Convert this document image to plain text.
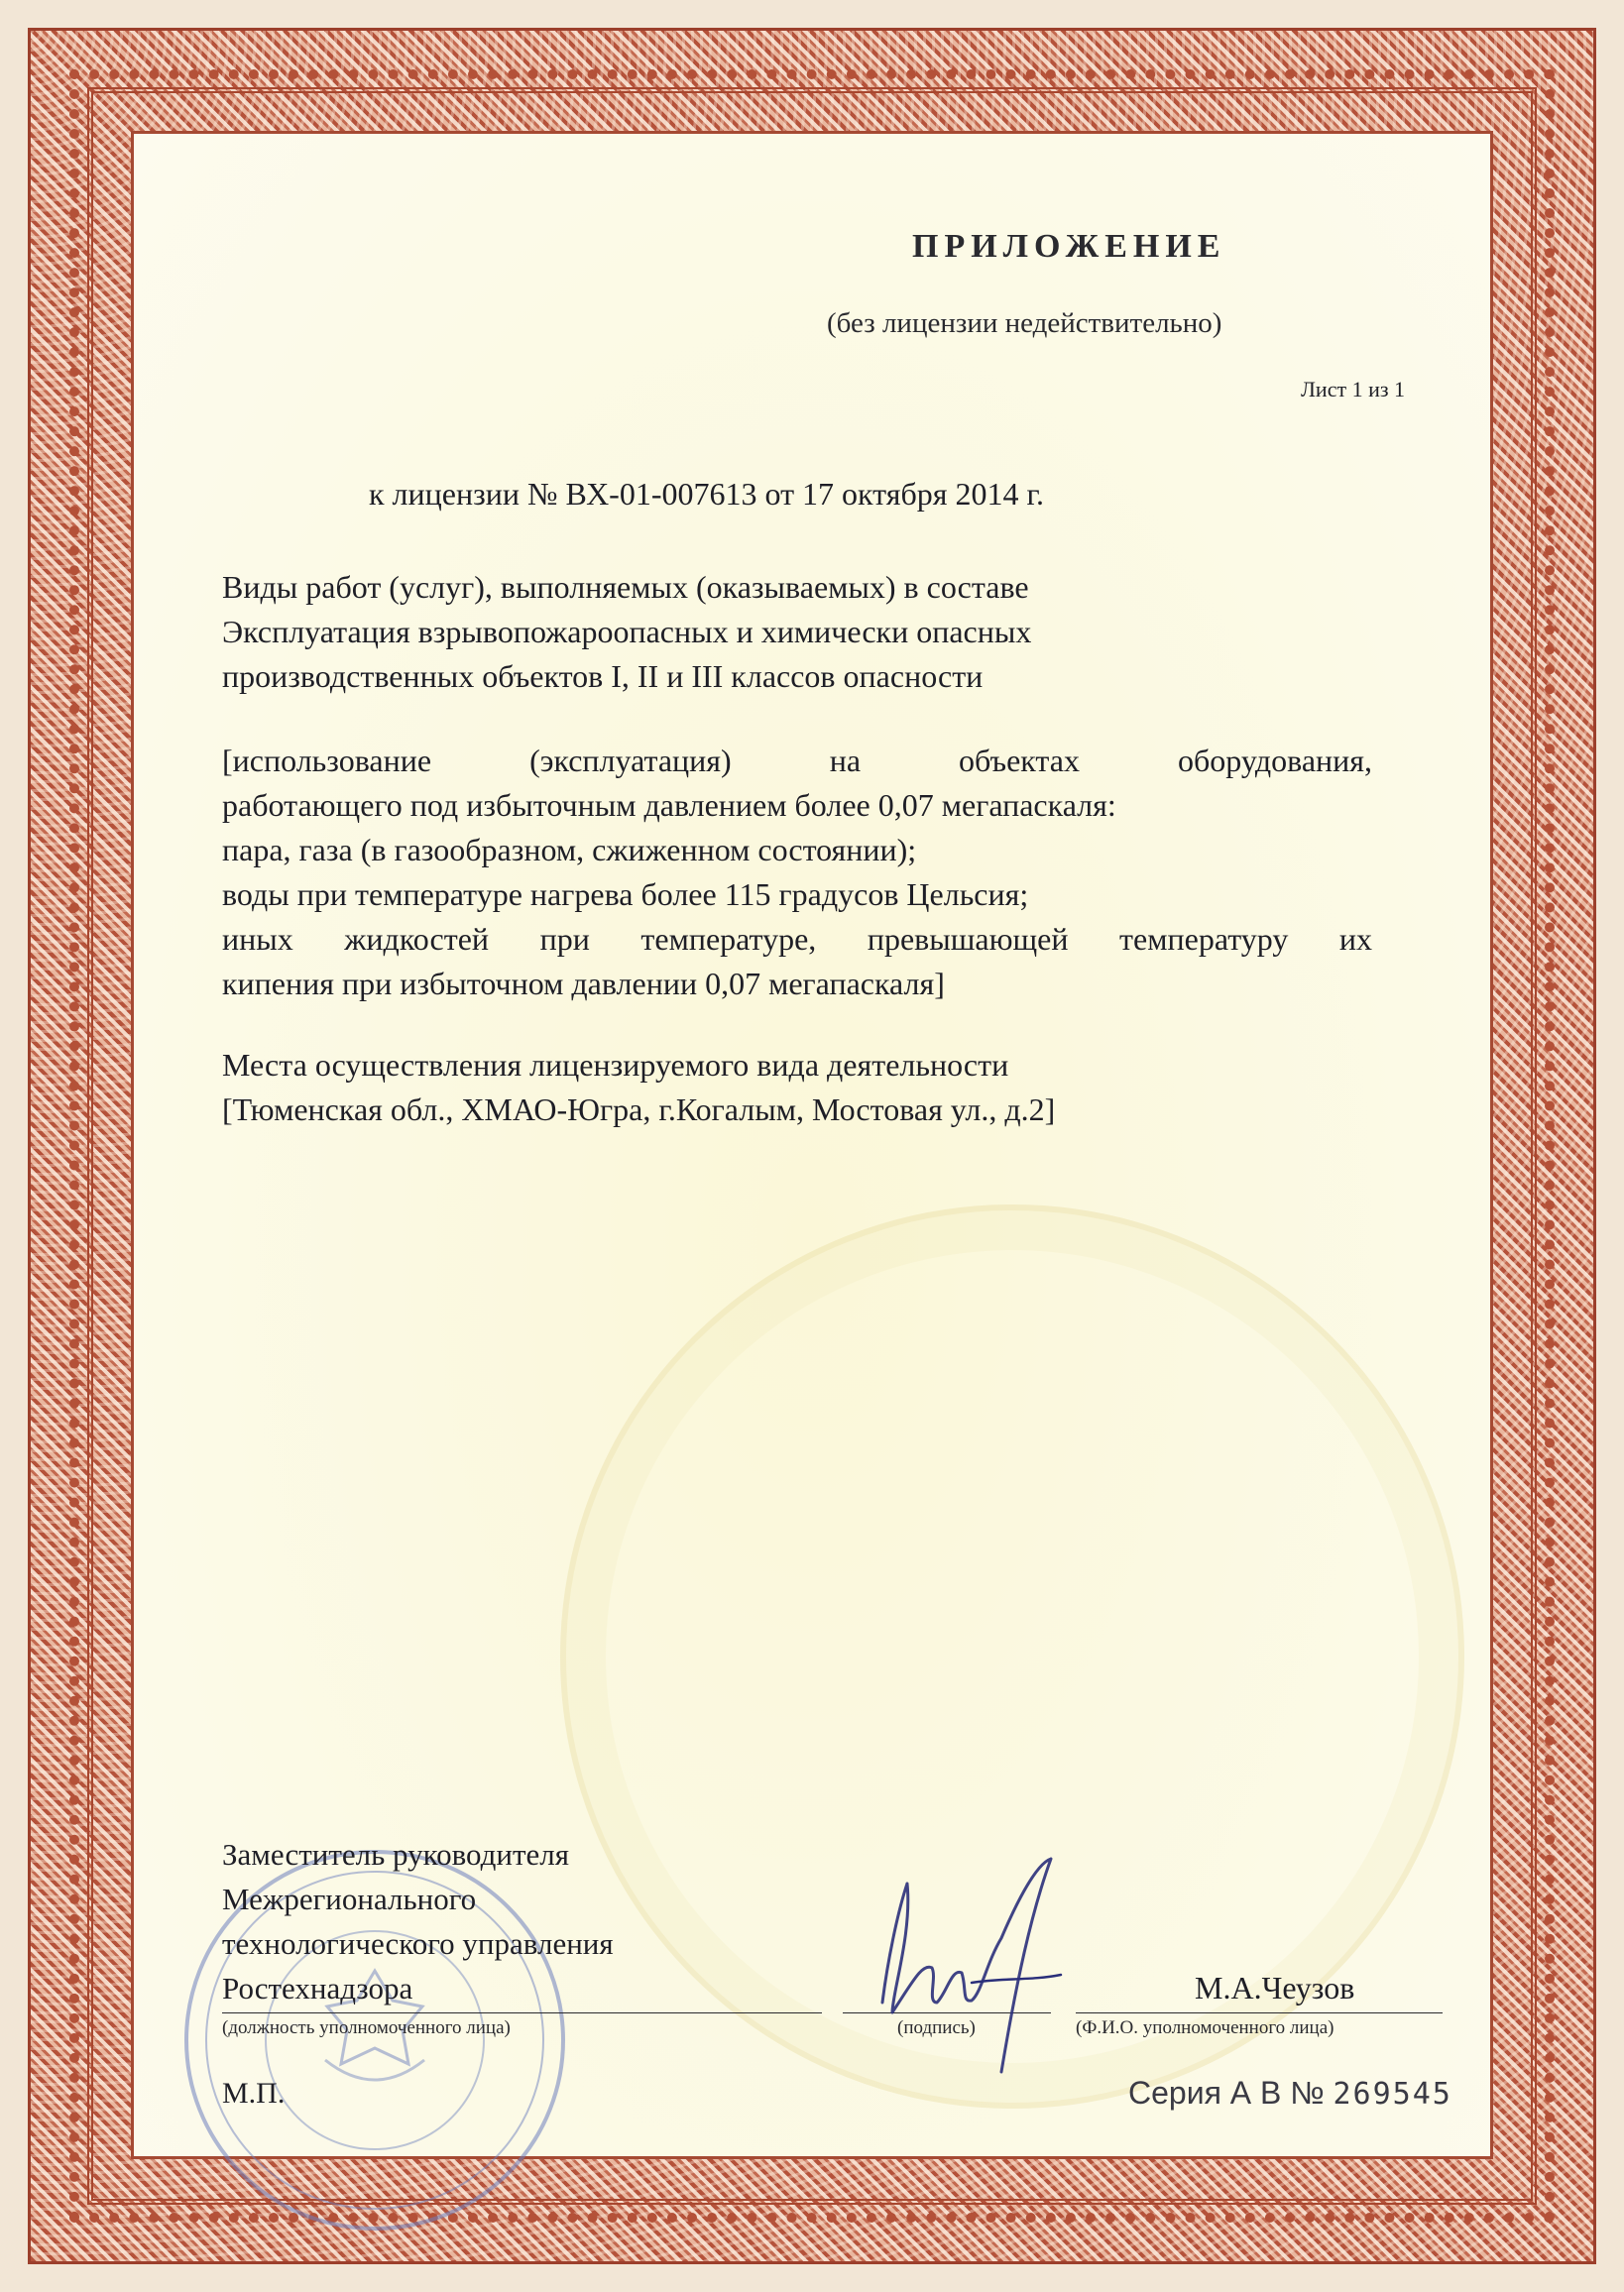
ПРИЛОЖЕНИЕ
(без лицензии недействительно)
Лист 1 из 1
к лицензии № ВХ-01-007613 от 17 октября 2014 г.
Виды работ (услуг), выполняемых (оказываемых) в составе
Эксплуатация взрывопожароопасных и химически опасных
производственных объектов I, II и III классов опасности
[использование (эксплуатация) на объектах оборудования,
работающего под избыточным давлением более 0,07 мегапаскаля:
пара, газа (в газообразном, сжиженном состоянии);
воды при температуре нагрева более 115 градусов Цельсия;
иных жидкостей при температуре, превышающей температуру их
кипения при избыточном давлении 0,07 мегапаскаля]
Места осуществления лицензируемого вида деятельности
[Тюменская обл., ХМАО-Югра, г.Когалым, Мостовая ул., д.2]
Заместитель руководителя
Межрегионального
технологического управления
Ростехнадзора	М.А.Чеузов
(должность уполномоченного лица)	(подпись)	(Ф.И.О. уполномоченного лица)
М.П.	Серия А В № 269545
